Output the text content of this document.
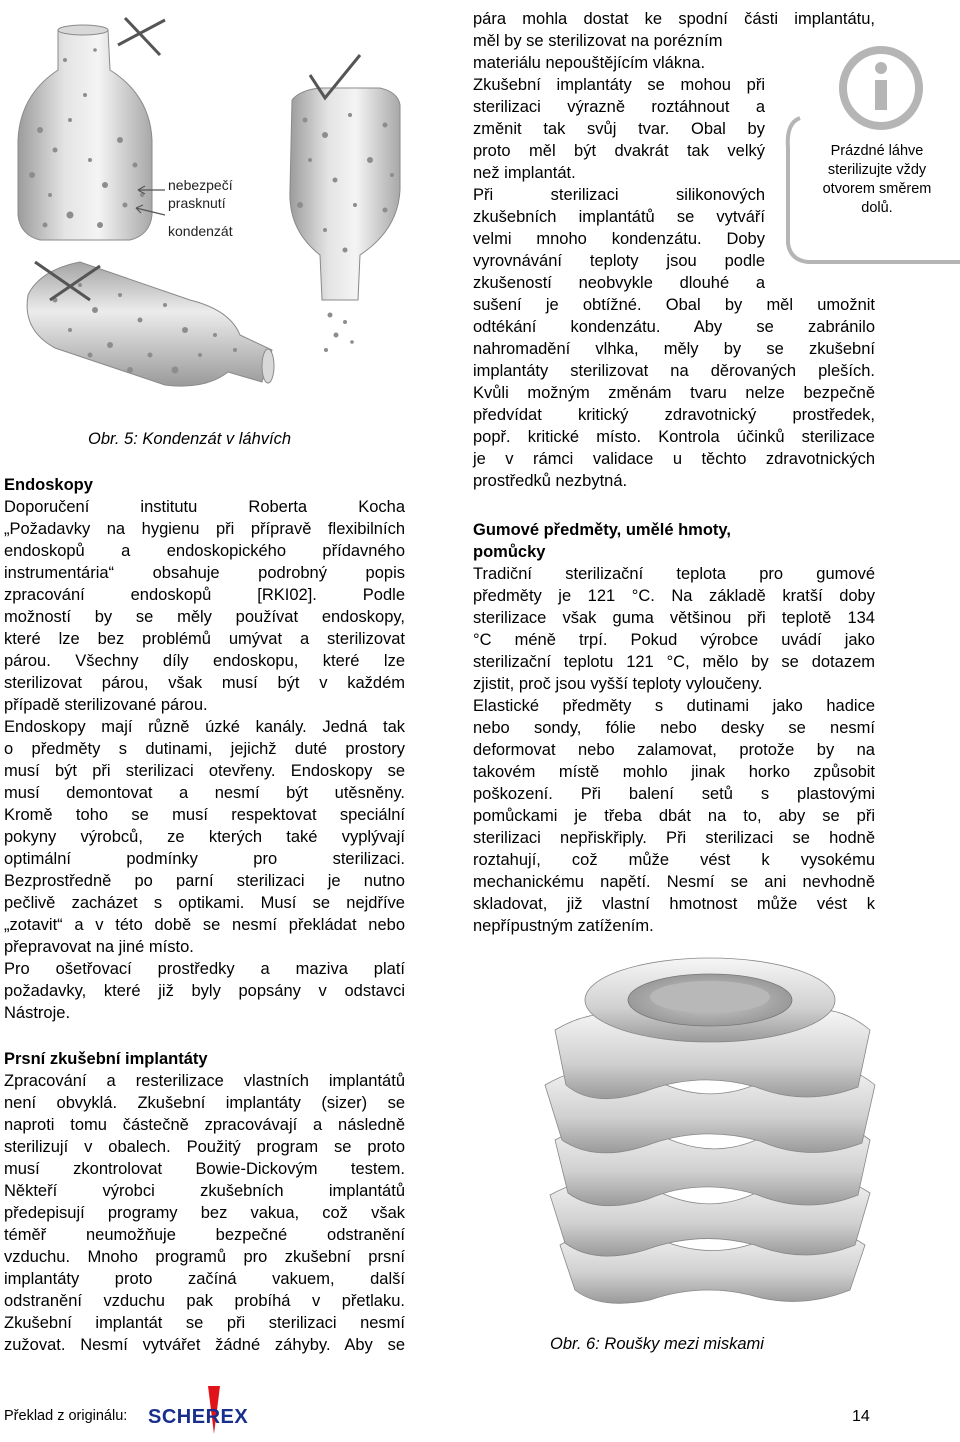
nebezpečí
prasknutí
kondenzát
Obr. 5: Kondenzát v láhvích

Endoskopy

Doporučení institutu Roberta Kocha
„Požadavky na hygienu při přípravě flexibilních
endoskopů a endoskopického přídavného
instrumentária“ obsahuje podrobný popis
zpracování endoskopů [RKI02]. Podle
možností by se měly používat endoskopy,
které lze bez problémů umývat a sterilizovat
párou. Všechny díly endoskopu, které lze
sterilizovat párou, však musí být v každém
případě sterilizované párou.
Endoskopy mají různě úzké kanály. Jedná tak
o předměty s dutinami, jejichž duté prostory
musí být při sterilizaci otevřeny. Endoskopy se
musí demontovat a nesmí být utěsněny.
Kromě toho se musí respektovat speciální
pokyny výrobců, ze kterých také vyplývají
optimální podmínky pro sterilizaci.
Bezprostředně po parní sterilizaci je nutno
pečlivě zacházet s optikami. Musí se nejdříve
„zotavit“ a v této době se nesmí překládat nebo
přepravovat na jiné místo.
Pro ošetřovací prostředky a maziva platí
požadavky, které již byly popsány v odstavci
Nástroje.

Prsní zkušební implantáty

Zpracování a resterilizace vlastních implantátů
není obvyklá. Zkušební implantáty (sizer) se
naproti tomu částečně zpracovávají a následně
sterilizují v obalech. Použitý program se proto
musí zkontrolovat Bowie-Dickovým testem.
Někteří výrobci zkušebních implantátů
předepisují programy bez vakua, což však
téměř neumožňuje bezpečné odstranění
vzduchu. Mnoho programů pro zkušební prsní
implantáty proto začíná vakuem, další
odstranění vzduchu pak probíhá v přetlaku.
Zkušební implantát se při sterilizaci nesmí
zužovat. Nesmí vytvářet žádné záhyby. Aby se
pára mohla dostat ke spodní části implantátu,
měl by se sterilizovat na porézním
materiálu nepouštějícím vlákna.
Zkušební implantáty se mohou při
sterilizaci výrazně roztáhnout a
změnit tak svůj tvar. Obal by
proto měl být dvakrát tak velký
než implantát.
Při sterilizaci silikonových
zkušebních implantátů se vytváří
velmi mnoho kondenzátu. Doby
vyrovnávání teploty jsou podle
zkušeností neobvykle dlouhé a
sušení je obtížné. Obal by měl umožnit
odtékání kondenzátu. Aby se zabránilo
nahromadění vlhka, měly by se zkušební
implantáty sterilizovat na děrovaných pleších.
Kvůli možným změnám tvaru nelze bezpečně
předvídat kritický zdravotnický prostředek,
popř. kritické místo. Kontrola účinků sterilizace
je v rámci validace u těchto zdravotnických
prostředků nezbytná.

Gumové předměty, umělé hmoty,
pomůcky

Tradiční sterilizační teplota pro gumové
předměty je 121 °C. Na základě kratší doby
sterilizace však guma většinou při teplotě 134
°C méně trpí. Pokud výrobce uvádí jako
sterilizační teplotu 121 °C, mělo by se dotazem
zjistit, proč jsou vyšší teploty vyloučeny.
Elastické předměty s dutinami jako hadice
nebo sondy, fólie nebo desky se nesmí
deformovat nebo zalamovat, protože by na
takovém místě mohlo jinak horko způsobit
poškození. Při balení setů s plastovými
pomůckami je třeba dbát na to, aby se při
sterilizaci nepřiskřiply. Při sterilizaci se hodně
roztahují, což může vést k vysokému
mechanickému napětí. Nesmí se ani nevhodně
skladovat, již vlastní hmotnost může vést k
nepřípustným zatížením.
Prázdné láhve
sterilizujte vždy
otvorem směrem
dolů.
Obr. 6: Roušky mezi miskami
Překlad z originálu: SCHEREX	14
